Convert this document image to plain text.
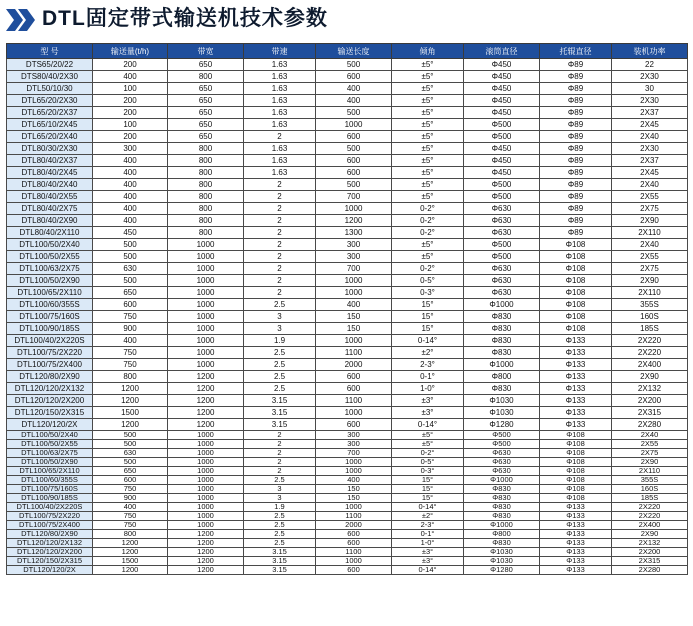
DTL固定带式输送机技术参数
型 号	输送量(t/h)	带宽	带速	输送长度	倾角	滚筒直径	托辊直径	装机功率
DTS65/20/22	200	650	1.63	500	±5°	Φ450	Φ89	22
DTS80/40/2X30	400	800	1.63	600	±5°	Φ450	Φ89	2X30
DTL50/10/30	100	650	1.63	400	±5°	Φ450	Φ89	30
DTL65/20/2X30	200	650	1.63	400	±5°	Φ450	Φ89	2X30
DTL65/20/2X37	200	650	1.63	500	±5°	Φ450	Φ89	2X37
DTL65/10/2X45	100	650	1.63	1000	±5°	Φ500	Φ89	2X45
DTL65/20/2X40	200	650	2	600	±5°	Φ500	Φ89	2X40
DTL80/30/2X30	300	800	1.63	500	±5°	Φ450	Φ89	2X30
DTL80/40/2X37	400	800	1.63	600	±5°	Φ450	Φ89	2X37
DTL80/40/2X45	400	800	1.63	600	±5°	Φ450	Φ89	2X45
DTL80/40/2X40	400	800	2	500	±5°	Φ500	Φ89	2X40
DTL80/40/2X55	400	800	2	700	±5°	Φ500	Φ89	2X55
DTL80/40/2X75	400	800	2	1000	0-2°	Φ630	Φ89	2X75
DTL80/40/2X90	400	800	2	1200	0-2°	Φ630	Φ89	2X90
DTL80/40/2X110	450	800	2	1300	0-2°	Φ630	Φ89	2X110
DTL100/50/2X40	500	1000	2	300	±5°	Φ500	Φ108	2X40
DTL100/50/2X55	500	1000	2	300	±5°	Φ500	Φ108	2X55
DTL100/63/2X75	630	1000	2	700	0-2°	Φ630	Φ108	2X75
DTL100/50/2X90	500	1000	2	1000	0-5°	Φ630	Φ108	2X90
DTL100/65/2X110	650	1000	2	1000	0-3°	Φ630	Φ108	2X110
DTL100/60/355S	600	1000	2.5	400	15°	Φ1000	Φ108	355S
DTL100/75/160S	750	1000	3	150	15°	Φ830	Φ108	160S
DTL100/90/185S	900	1000	3	150	15°	Φ830	Φ108	185S
DTL100/40/2X220S	400	1000	1.9	1000	0-14°	Φ830	Φ133	2X220
DTL100/75/2X220	750	1000	2.5	1100	±2°	Φ830	Φ133	2X220
DTL100/75/2X400	750	1000	2.5	2000	2-3°	Φ1000	Φ133	2X400
DTL120/80/2X90	800	1200	2.5	600	0-1°	Φ800	Φ133	2X90
DTL120/120/2X132	1200	1200	2.5	600	1-0°	Φ830	Φ133	2X132
DTL120/120/2X200	1200	1200	3.15	1100	±3°	Φ1030	Φ133	2X200
DTL120/150/2X315	1500	1200	3.15	1000	±3°	Φ1030	Φ133	2X315
DTL120/120/2X	1200	1200	3.15	600	0-14°	Φ1280	Φ133	2X280
DTL100/50/2X40	500	1000	2	300	±5°	Φ500	Φ108	2X40
DTL100/50/2X55	500	1000	2	300	±5°	Φ500	Φ108	2X55
DTL100/63/2X75	630	1000	2	700	0-2°	Φ630	Φ108	2X75
DTL100/50/2X90	500	1000	2	1000	0-5°	Φ630	Φ108	2X90
DTL100/65/2X110	650	1000	2	1000	0-3°	Φ630	Φ108	2X110
DTL100/60/355S	600	1000	2.5	400	15°	Φ1000	Φ108	355S
DTL100/75/160S	750	1000	3	150	15°	Φ830	Φ108	160S
DTL100/90/185S	900	1000	3	150	15°	Φ830	Φ108	185S
DTL100/40/2X220S	400	1000	1.9	1000	0-14°	Φ830	Φ133	2X220
DTL100/75/2X220	750	1000	2.5	1100	±2°	Φ830	Φ133	2X220
DTL100/75/2X400	750	1000	2.5	2000	2-3°	Φ1000	Φ133	2X400
DTL120/80/2X90	800	1200	2.5	600	0-1°	Φ800	Φ133	2X90
DTL120/120/2X132	1200	1200	2.5	600	1-0°	Φ830	Φ133	2X132
DTL120/120/2X200	1200	1200	3.15	1100	±3°	Φ1030	Φ133	2X200
DTL120/150/2X315	1500	1200	3.15	1000	±3°	Φ1030	Φ133	2X315
DTL120/120/2X	1200	1200	3.15	600	0-14°	Φ1280	Φ133	2X280
